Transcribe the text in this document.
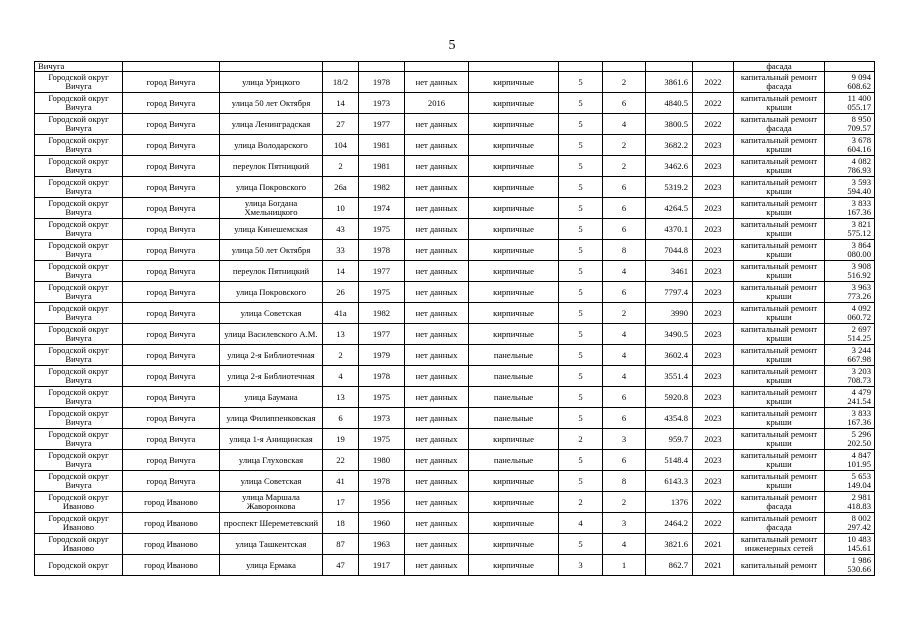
5
Вичуга											фасада	
Городской округ Вичуга	город Вичуга	улица Урицкого	18/2	1978	нет данных	кирпичные	5	2	3861.6	2022	капитальный ремонт фасада	9 094 608.62
Городской округ Вичуга	город Вичуга	улица 50 лет Октября	14	1973	2016	кирпичные	5	6	4840.5	2022	капитальный ремонт крыши	11 400 055.17
Городской округ Вичуга	город Вичуга	улица Ленинградская	27	1977	нет данных	кирпичные	5	4	3800.5	2022	капитальный ремонт фасада	8 950 709.57
Городской округ Вичуга	город Вичуга	улица Володарского	104	1981	нет данных	кирпичные	5	2	3682.2	2023	капитальный ремонт крыши	3 678 604.16
Городской округ Вичуга	город Вичуга	переулок Пятницкий	2	1981	нет данных	кирпичные	5	2	3462.6	2023	капитальный ремонт крыши	4 082 786.93
Городской округ Вичуга	город Вичуга	улица Покровского	26а	1982	нет данных	кирпичные	5	6	5319.2	2023	капитальный ремонт крыши	3 593 594.40
Городской округ Вичуга	город Вичуга	улица Богдана Хмельницкого	10	1974	нет данных	кирпичные	5	6	4264.5	2023	капитальный ремонт крыши	3 833 167.36
Городской округ Вичуга	город Вичуга	улица Кинешемская	43	1975	нет данных	кирпичные	5	6	4370.1	2023	капитальный ремонт крыши	3 821 575.12
Городской округ Вичуга	город Вичуга	улица 50 лет Октября	33	1978	нет данных	кирпичные	5	8	7044.8	2023	капитальный ремонт крыши	3 864 080.00
Городской округ Вичуга	город Вичуга	переулок Пятницкий	14	1977	нет данных	кирпичные	5	4	3461	2023	капитальный ремонт крыши	3 908 516.92
Городской округ Вичуга	город Вичуга	улица Покровского	26	1975	нет данных	кирпичные	5	6	7797.4	2023	капитальный ремонт крыши	3 963 773.26
Городской округ Вичуга	город Вичуга	улица Советская	41а	1982	нет данных	кирпичные	5	2	3990	2023	капитальный ремонт крыши	4 092 060.72
Городской округ Вичуга	город Вичуга	улица Василевского А.М.	13	1977	нет данных	кирпичные	5	4	3490.5	2023	капитальный ремонт крыши	2 697 514.25
Городской округ Вичуга	город Вичуга	улица 2-я Библиотечная	2	1979	нет данных	панельные	5	4	3602.4	2023	капитальный ремонт крыши	3 244 667.98
Городской округ Вичуга	город Вичуга	улица 2-я Библиотечная	4	1978	нет данных	панельные	5	4	3551.4	2023	капитальный ремонт крыши	3 203 708.73
Городской округ Вичуга	город Вичуга	улица Баумана	13	1975	нет данных	панельные	5	6	5920.8	2023	капитальный ремонт крыши	4 479 241.54
Городской округ Вичуга	город Вичуга	улица Филиппенковская	6	1973	нет данных	панельные	5	6	4354.8	2023	капитальный ремонт крыши	3 833 167.36
Городской округ Вичуга	город Вичуга	улица 1-я Анищинская	19	1975	нет данных	кирпичные	2	3	959.7	2023	капитальный ремонт крыши	5 296 202.50
Городской округ Вичуга	город Вичуга	улица Глуховская	22	1980	нет данных	панельные	5	6	5148.4	2023	капитальный ремонт крыши	4 847 101.95
Городской округ Вичуга	город Вичуга	улица Советская	41	1978	нет данных	кирпичные	5	8	6143.3	2023	капитальный ремонт крыши	5 653 149.04
Городской округ Иваново	город Иваново	улица Маршала Жаворонкова	17	1956	нет данных	кирпичные	2	2	1376	2022	капитальный ремонт фасада	2 981 418.83
Городской округ Иваново	город Иваново	проспект Шереметевский	18	1960	нет данных	кирпичные	4	3	2464.2	2022	капитальный ремонт фасада	8 002 297.42
Городской округ Иваново	город Иваново	улица Ташкентская	87	1963	нет данных	кирпичные	5	4	3821.6	2021	капитальный ремонт инженерных сетей	10 483 145.61
Городской округ	город Иваново	улица Ермака	47	1917	нет данных	кирпичные	3	1	862.7	2021	капитальный ремонт	1 986 530.66
